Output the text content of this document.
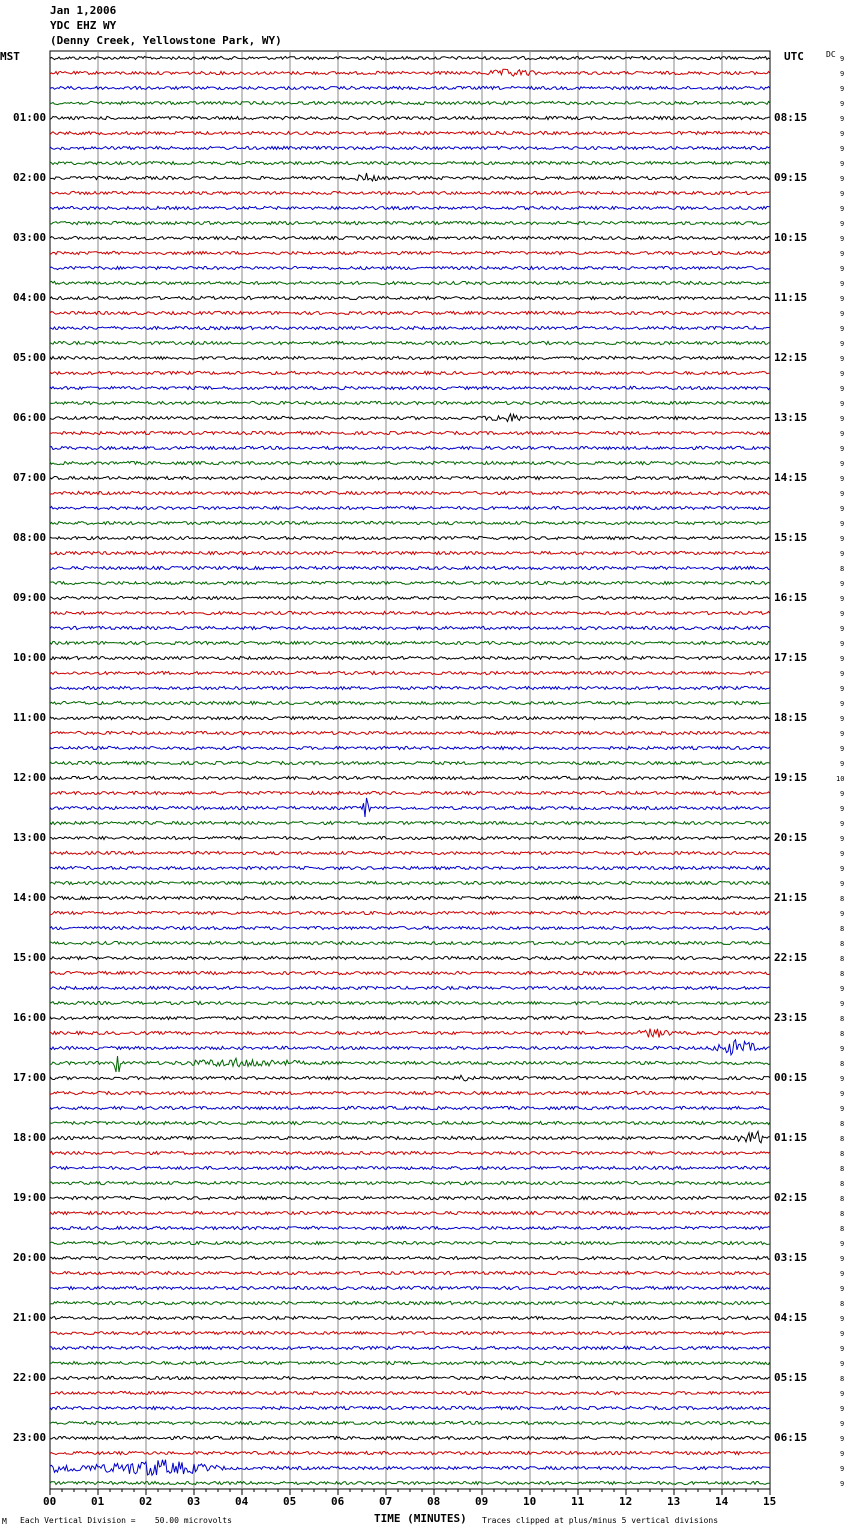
Jan 1,2006
YDC EHZ WY
(Denny Creek, Yellowstone Park, WY)
MST	UTC	DC
01:00
02:00
03:00
04:00
05:00
06:00
07:00
08:00
09:00
10:00
11:00
12:00
13:00
14:00
15:00
16:00
17:00
18:00
19:00
20:00
21:00
22:00
23:00
08:15
09:15
10:15
11:15
12:15
13:15
14:15
15:15
16:15
17:15
18:15
19:15
20:15
21:15
22:15
23:15
00:15
01:15
02:15
03:15
04:15
05:15
06:15
9
9
9
9
9
9
9
9
9
9
9
9
9
9
9
9
9
9
9
9
9
9
9
9
9
9
9
9
9
9
9
9
9
9
8
9
9
9
9
9
9
9
9
9
9
9
9
9
10
9
9
9
9
9
9
9
8
9
8
8
8
8
9
9
8
8
9
8
9
9
9
8
8
8
8
8
8
8
8
9
9
9
9
8
9
9
9
9
8
9
9
9
9
9
9
9
00	01	02	03	04	05	06	07	08	09	10	11	12	13	14	15
M Each Vertical Division =    50.00 microvolts	TIME (MINUTES) Traces clipped at plus/minus 5 vertical divisions
